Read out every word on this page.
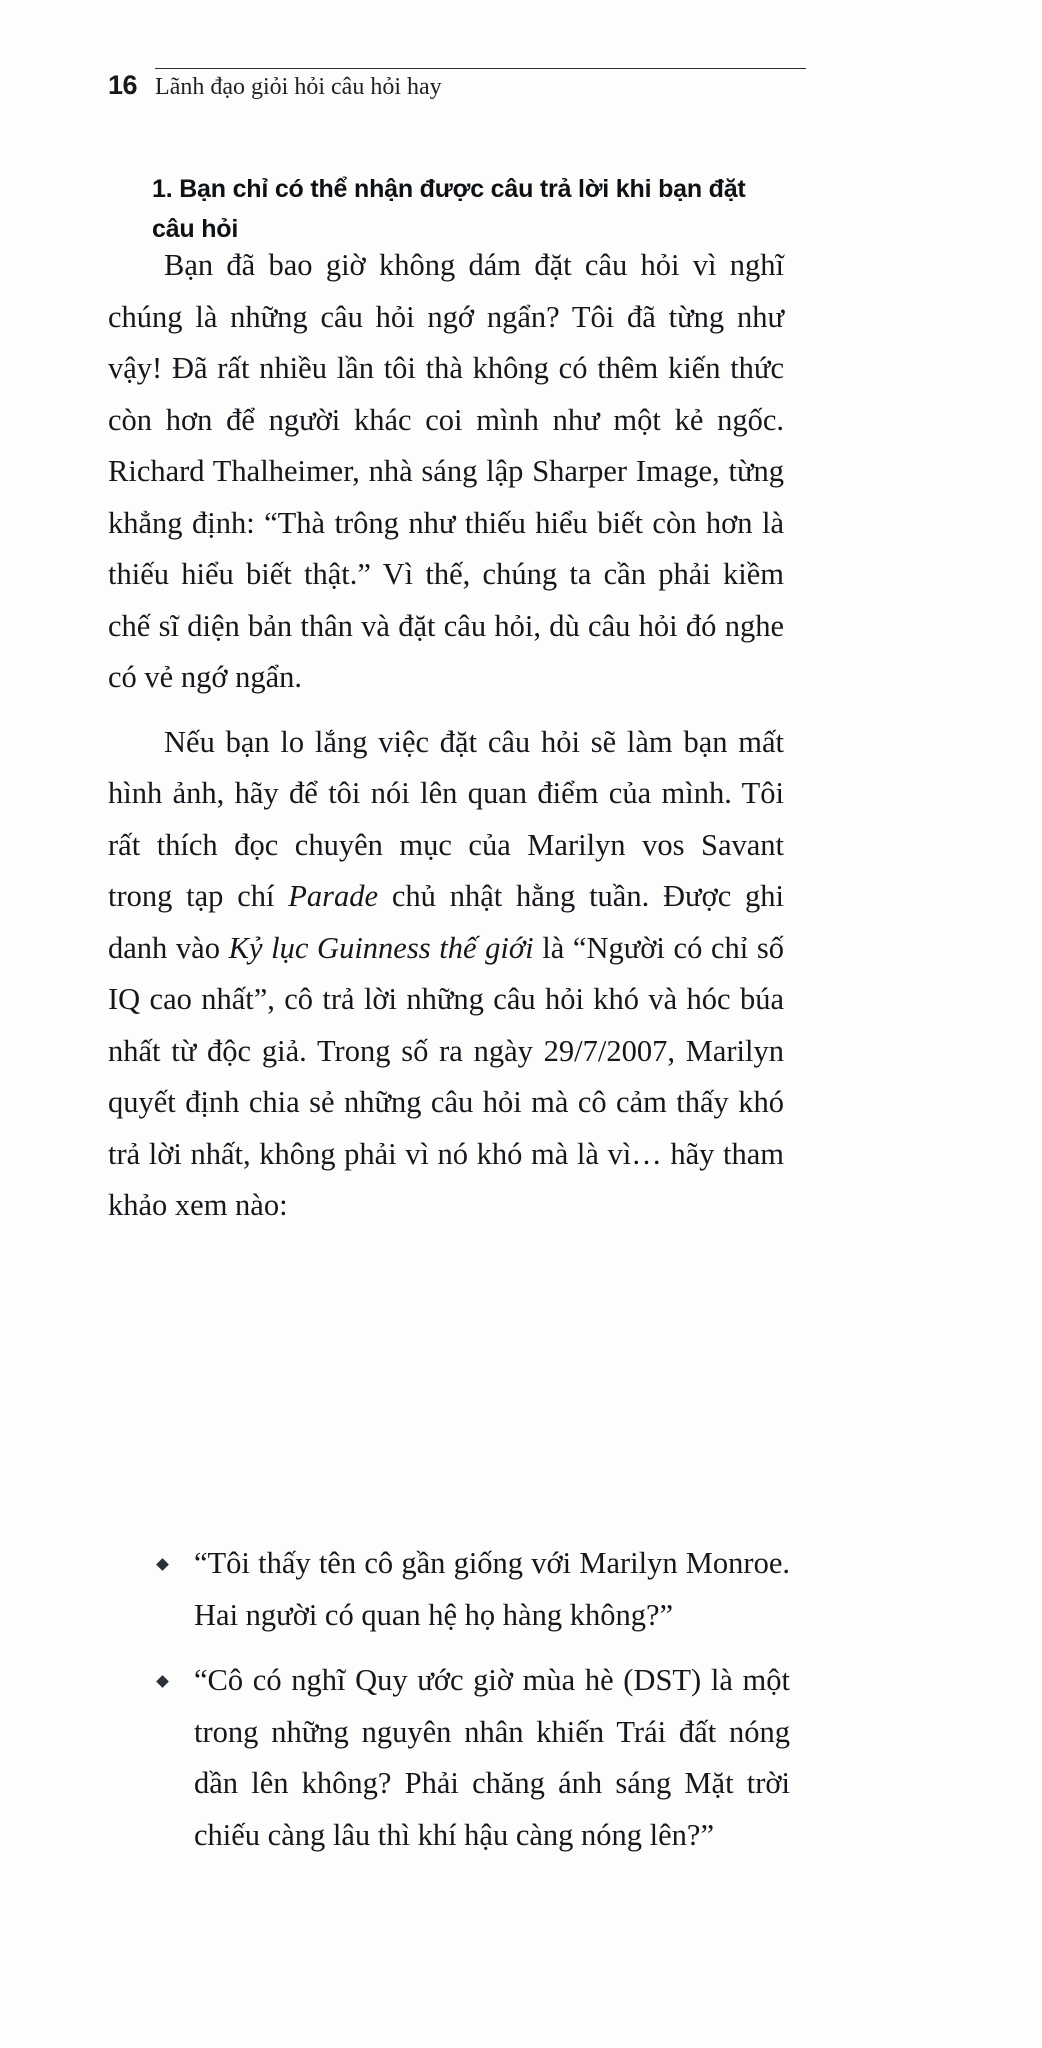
16 Lãnh đạo giỏi hỏi câu hỏi hay
1. Bạn chỉ có thể nhận được câu trả lời khi bạn đặt câu hỏi

Bạn đã bao giờ không dám đặt câu hỏi vì nghĩ chúng là những câu hỏi ngớ ngẩn? Tôi đã từng như vậy! Đã rất nhiều lần tôi thà không có thêm kiến thức còn hơn để người khác coi mình như một kẻ ngốc. Richard Thalheimer, nhà sáng lập Sharper Image, từng khẳng định: “Thà trông như thiếu hiểu biết còn hơn là thiếu hiểu biết thật.” Vì thế, chúng ta cần phải kiềm chế sĩ diện bản thân và đặt câu hỏi, dù câu hỏi đó nghe có vẻ ngớ ngẩn.

Nếu bạn lo lắng việc đặt câu hỏi sẽ làm bạn mất hình ảnh, hãy để tôi nói lên quan điểm của mình. Tôi rất thích đọc chuyên mục của Marilyn vos Savant trong tạp chí Parade chủ nhật hằng tuần. Được ghi danh vào Kỷ lục Guinness thế giới là “Người có chỉ số IQ cao nhất”, cô trả lời những câu hỏi khó và hóc búa nhất từ độc giả. Trong số ra ngày 29/7/2007, Marilyn quyết định chia sẻ những câu hỏi mà cô cảm thấy khó trả lời nhất, không phải vì nó khó mà là vì… hãy tham khảo xem nào:

“Tôi thấy tên cô gần giống với Marilyn Monroe. Hai người có quan hệ họ hàng không?”
“Cô có nghĩ Quy ước giờ mùa hè (DST) là một trong những nguyên nhân khiến Trái đất nóng dần lên không? Phải chăng ánh sáng Mặt trời chiếu càng lâu thì khí hậu càng nóng lên?”
